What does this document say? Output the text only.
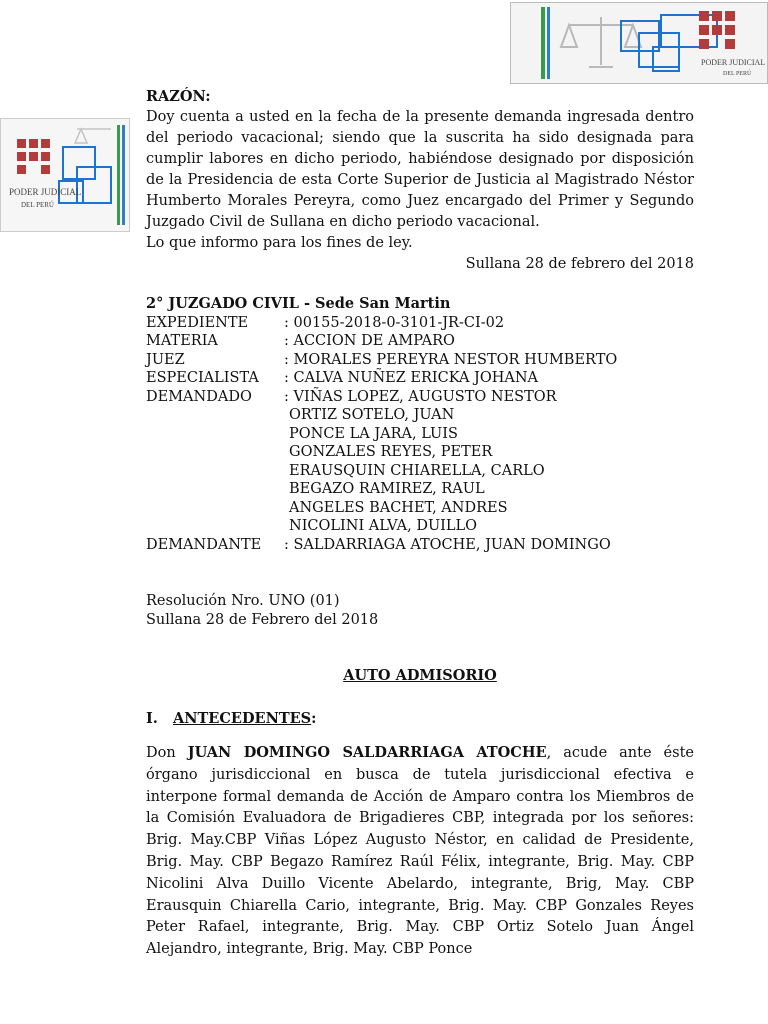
PODER JUDICIAL
DEL PERÚ
PODER JUDICIAL
DEL PERÚ
RAZÓN:
Doy cuenta a usted en la fecha de la presente demanda ingresada dentro del periodo vacacional; siendo que la suscrita ha sido designada para cumplir labores en dicho periodo, habiéndose designado por disposición de la Presidencia de esta Corte Superior de Justicia al Magistrado Néstor Humberto Morales Pereyra, como Juez encargado del Primer y Segundo Juzgado Civil de Sullana en dicho periodo vacacional.
Lo que informo para los fines de ley.
Sullana 28 de febrero del 2018
2° JUZGADO CIVIL - Sede San Martin
EXPEDIENTE	: 00155-2018-0-3101-JR-CI-02
MATERIA	: ACCION DE AMPARO
JUEZ	: MORALES PEREYRA NESTOR HUMBERTO
ESPECIALISTA	: CALVA NUÑEZ ERICKA JOHANA
DEMANDADO	: VIÑAS LOPEZ, AUGUSTO NESTOR
ORTIZ SOTELO, JUAN
PONCE LA JARA, LUIS
GONZALES REYES, PETER
ERAUSQUIN CHIARELLA, CARLO
BEGAZO RAMIREZ, RAUL
ANGELES BACHET, ANDRES
NICOLINI ALVA, DUILLO
DEMANDANTE	: SALDARRIAGA ATOCHE, JUAN DOMINGO
Resolución Nro. UNO (01)
Sullana 28 de Febrero del 2018
AUTO ADMISORIO
I. ANTECEDENTES:
Don JUAN DOMINGO SALDARRIAGA ATOCHE, acude ante éste órgano jurisdiccional en busca de tutela jurisdiccional efectiva e interpone formal demanda de Acción de Amparo contra los Miembros de la Comisión Evaluadora de Brigadieres CBP, integrada por los señores: Brig. May.CBP Viñas López Augusto Néstor, en calidad de Presidente, Brig. May. CBP Begazo Ramírez Raúl Félix, integrante, Brig. May. CBP Nicolini Alva Duillo Vicente Abelardo, integrante, Brig, May. CBP Erausquin Chiarella Cario, integrante, Brig. May. CBP Gonzales Reyes Peter Rafael, integrante, Brig. May. CBP Ortiz Sotelo Juan Ángel Alejandro, integrante, Brig. May. CBP Ponce
